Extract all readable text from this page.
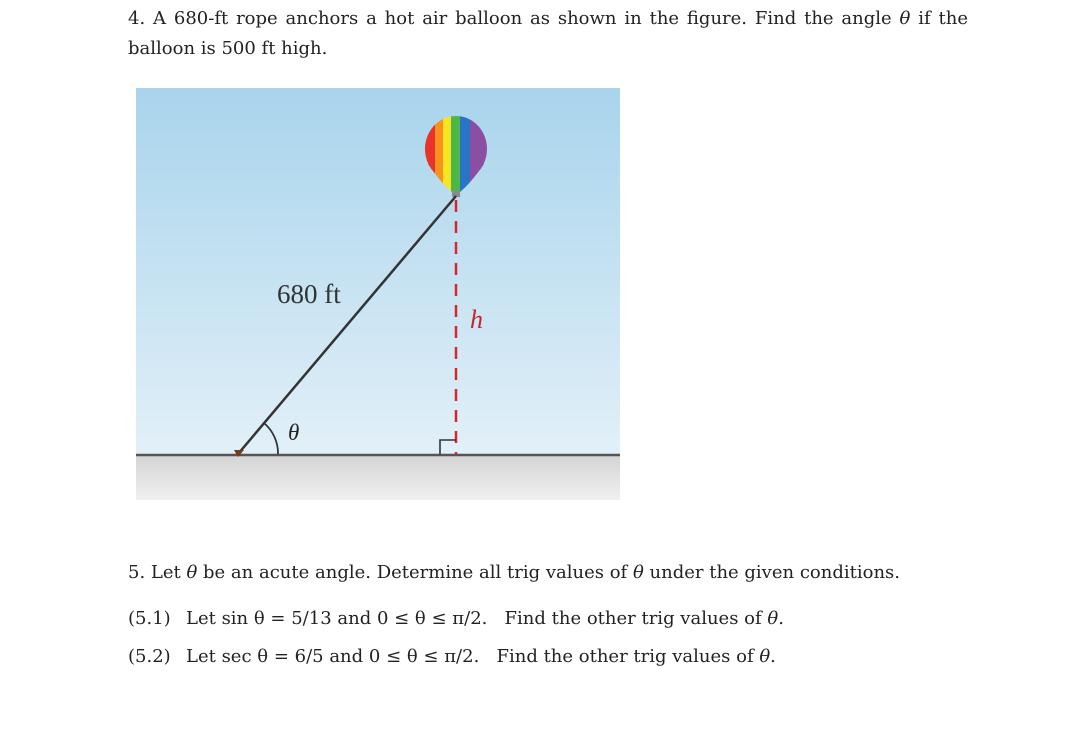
4. A 680-ft rope anchors a hot air balloon as shown in the figure. Find the angle θ if the balloon is 500 ft high.
680 ft
h
θ
5. Let θ be an acute angle. Determine all trig values of θ under the given conditions.
(5.1) Let sin θ = 5/13 and 0 ≤ θ ≤ π/2. Find the other trig values of θ.
(5.2) Let sec θ = 6/5 and 0 ≤ θ ≤ π/2. Find the other trig values of θ.
